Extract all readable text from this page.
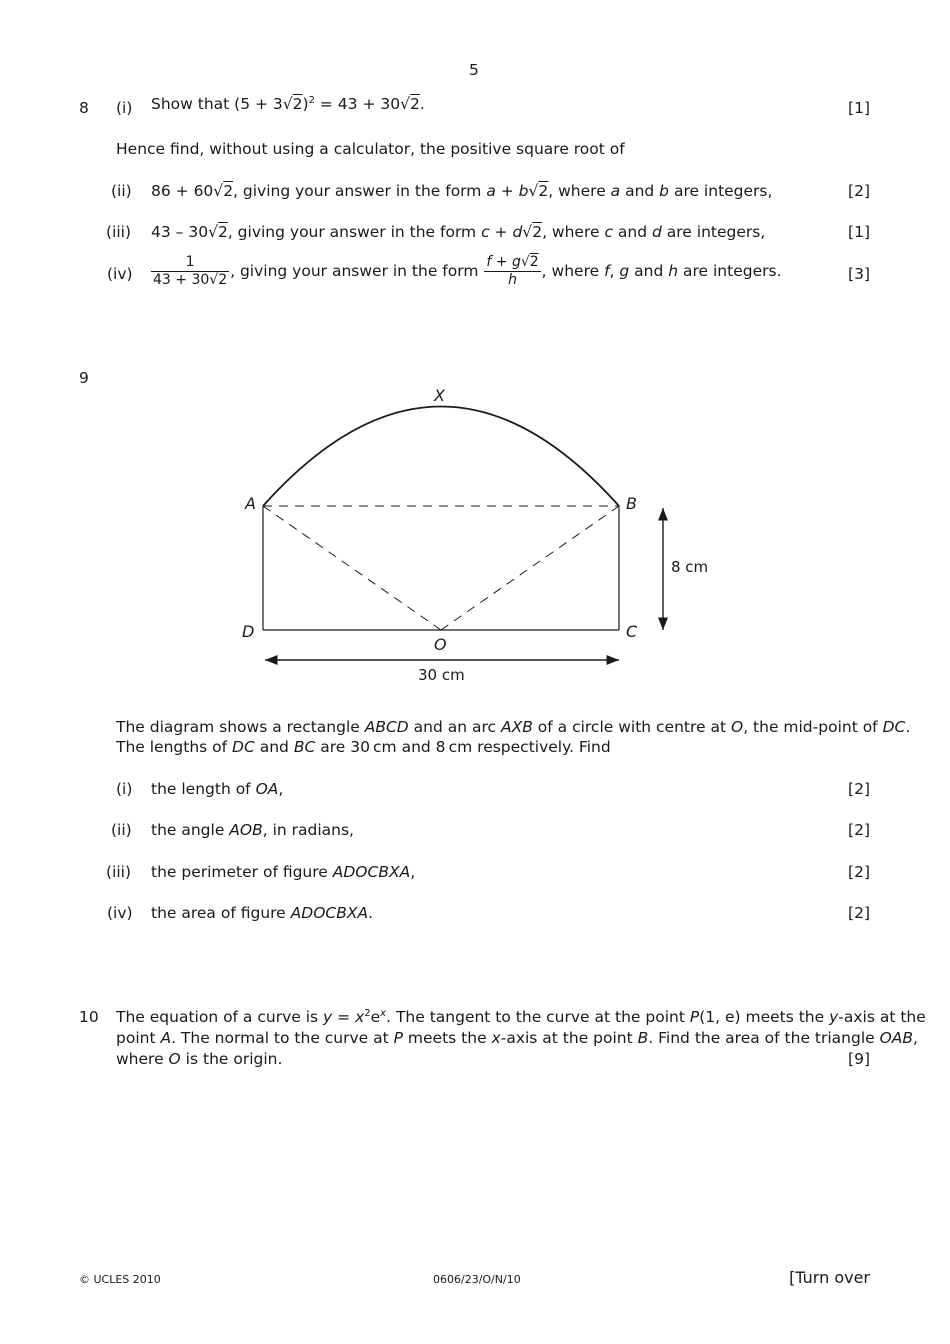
5
8 (i) Show that $(5 + 3√2)^2 = 43 + 30√2$.	[1]
Hence find, without using a calculator, the positive square root of
(ii) 86 + 60√2, giving your answer in the form a + b√2, where a and b are integers,	[2]
(iii) 43 – 30√2, giving your answer in the form c + d√2, where c and d are integers,	[1]
$(iv) \frac{1}{43 + 30√2}$ , giving your answer in the form $\frac{f + g√2}{h}$ , where f, g and h are integers.	[3]
9
X
A	B
D	C
O
8 cm
30 cm
The diagram shows a rectangle ABCD and an arc AXB of a circle with centre at O, the mid-point of DC.
The lengths of DC and BC are 30 cm and 8 cm respectively. Find
(i) the length of OA,	[2]
(ii) the angle AOB, in radians,	[2]
(iii) the perimeter of figure ADOCBXA,	[2]
(iv) the area of figure ADOCBXA.	[2]
10 The equation of a curve is $y = x^2e^x$. The tangent to the curve at the point P(1, e) meets the y-axis at the
point A. The normal to the curve at P meets the x-axis at the point B. Find the area of the triangle OAB,
where O is the origin.	[9]
© UCLES 2010	0606/23/O/N/10	[Turn over
